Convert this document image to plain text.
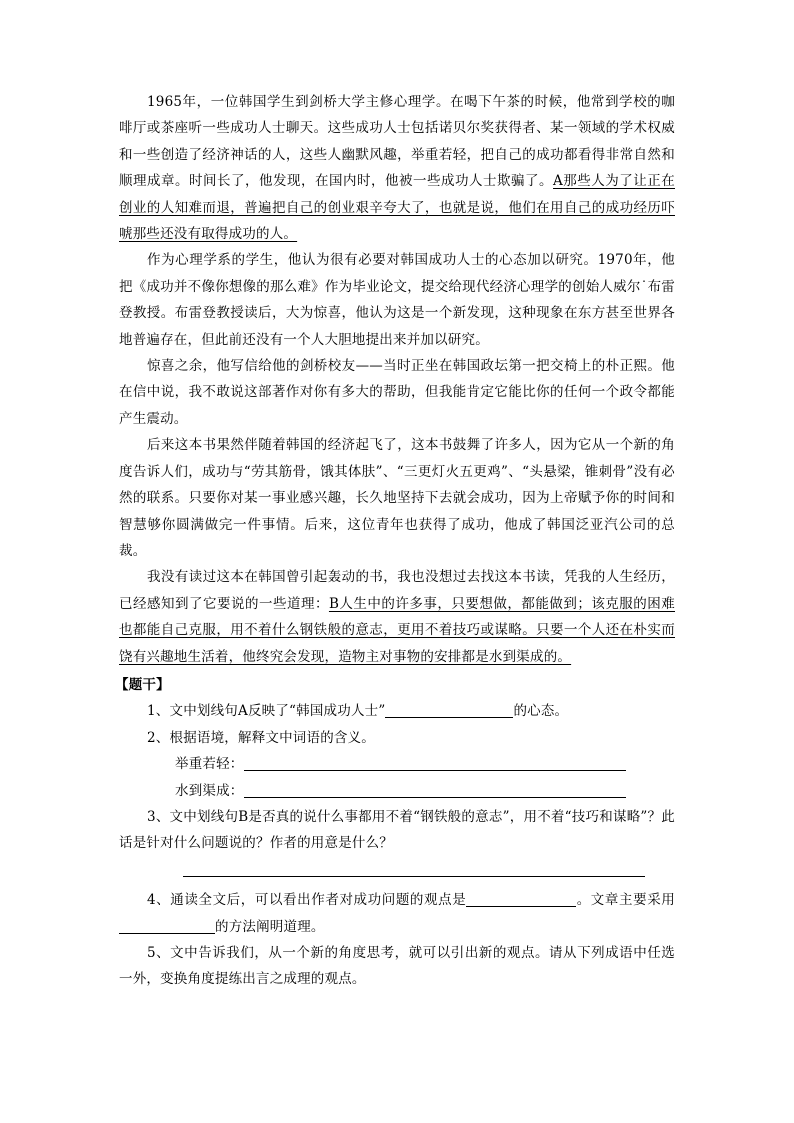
1965年，一位韩国学生到剑桥大学主修心理学。在喝下午茶的时候，他常到学校的咖啡厅或茶座听一些成功人士聊天。这些成功人士包括诺贝尔奖获得者、某一领域的学术权威和一些创造了经济神话的人，这些人幽默风趣，举重若轻，把自己的成功都看得非常自然和顺理成章。时间长了，他发现，在国内时，他被一些成功人士欺骗了。A那些人为了让正在创业的人知难而退，普遍把自己的创业艰辛夸大了，也就是说，他们在用自己的成功经历吓唬那些还没有取得成功的人。

作为心理学系的学生，他认为很有必要对韩国成功人士的心态加以研究。1970年，他把《成功并不像你想像的那么难》作为毕业论文，提交给现代经济心理学的创始人威尔˙布雷登教授。布雷登教授读后，大为惊喜，他认为这是一个新发现，这种现象在东方甚至世界各地普遍存在，但此前还没有一个人大胆地提出来并加以研究。

惊喜之余，他写信给他的剑桥校友——当时正坐在韩国政坛第一把交椅上的朴正熙。他在信中说，我不敢说这部著作对你有多大的帮助，但我能肯定它能比你的任何一个政令都能产生震动。

后来这本书果然伴随着韩国的经济起飞了，这本书鼓舞了许多人，因为它从一个新的角度告诉人们，成功与“劳其筋骨，饿其体肤”、“三更灯火五更鸡”、“头悬梁，锥刺骨”没有必然的联系。只要你对某一事业感兴趣，长久地坚持下去就会成功，因为上帝赋予你的时间和智慧够你圆满做完一件事情。后来，这位青年也获得了成功，他成了韩国泛亚汽公司的总裁。

我没有读过这本在韩国曾引起轰动的书，我也没想过去找这本书读，凭我的人生经历，已经感知到了它要说的一些道理：B人生中的许多事，只要想做，都能做到；该克服的困难也都能自己克服，用不着什么钢铁般的意志，更用不着技巧或谋略。只要一个人还在朴实而饶有兴趣地生活着，他终究会发现，造物主对事物的安排都是水到渠成的。

【题干】

1、文中划线句A反映了“韩国成功人士”	的心态。

2、根据语境，解释文中词语的含义。

举重若轻：

水到渠成：

3、文中划线句B是否真的说什么事都用不着“钢铁般的意志”，用不着“技巧和谋略”？此话是针对什么问题说的？作者的用意是什么？

4、通读全文后，可以看出作者对成功问题的观点是	。文章主要采用的方法阐明道理。

5、文中告诉我们，从一个新的角度思考，就可以引出新的观点。请从下列成语中任选一外，变换角度提练出言之成理的观点。
